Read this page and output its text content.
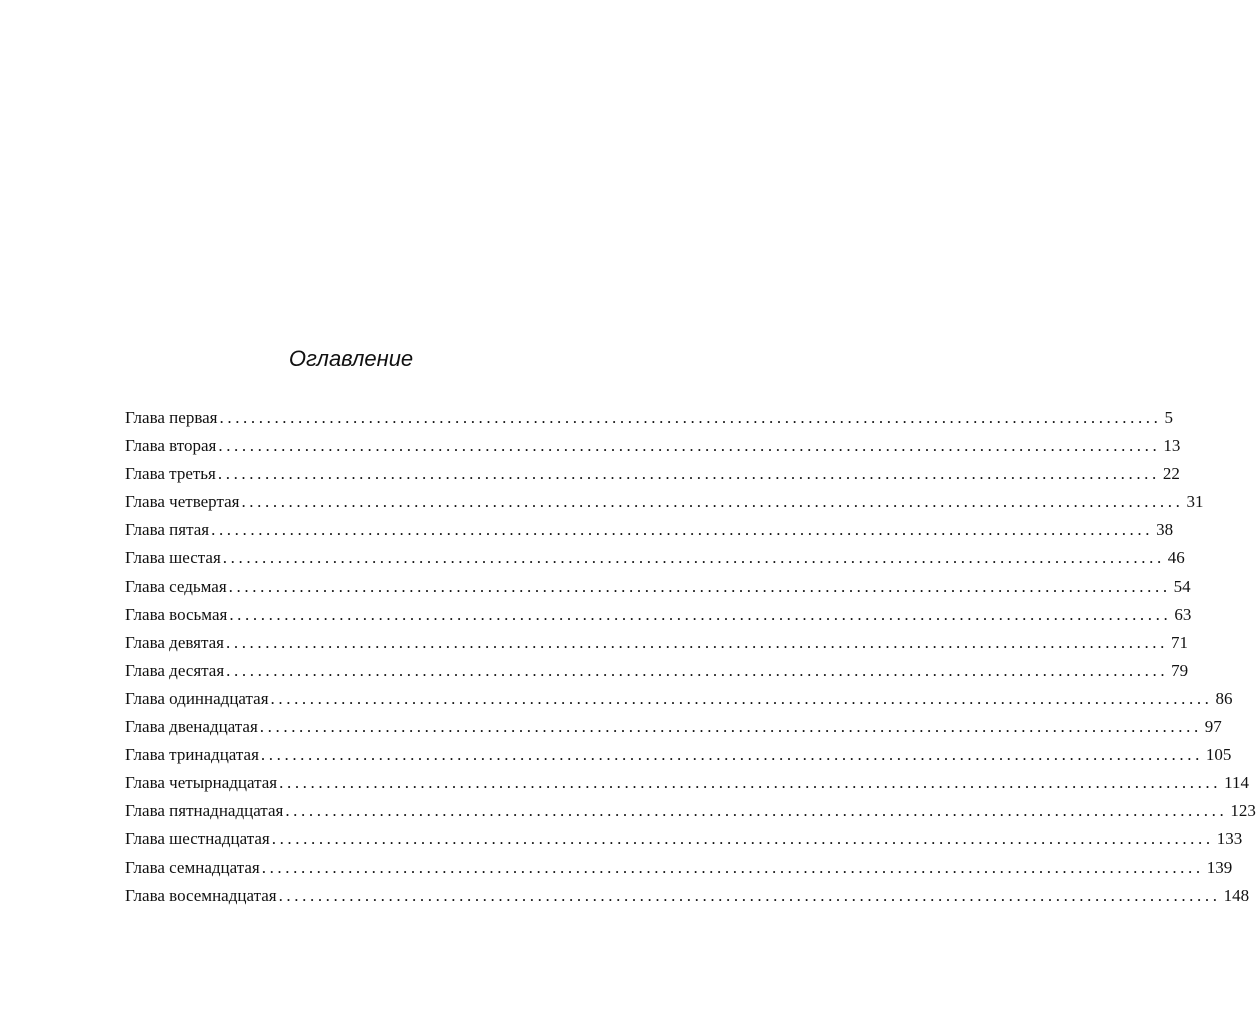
Оглавление
Глава первая ........................................................................................................................ 5
Глава вторая ........................................................................................................................ 13
Глава третья ........................................................................................................................ 22
Глава четвертая ........................................................................................................................ 31
Глава пятая ........................................................................................................................ 38
Глава шестая ........................................................................................................................ 46
Глава седьмая ........................................................................................................................ 54
Глава восьмая ........................................................................................................................ 63
Глава девятая ........................................................................................................................ 71
Глава десятая ........................................................................................................................ 79
Глава одиннадцатая ........................................................................................................................ 86
Глава двенадцатая ........................................................................................................................ 97
Глава тринадцатая ........................................................................................................................ 105
Глава четырнадцатая ........................................................................................................................ 114
Глава пятнаднадцатая ........................................................................................................................ 123
Глава шестнадцатая ........................................................................................................................ 133
Глава семнадцатая ........................................................................................................................ 139
Глава восемнадцатая ........................................................................................................................ 148
